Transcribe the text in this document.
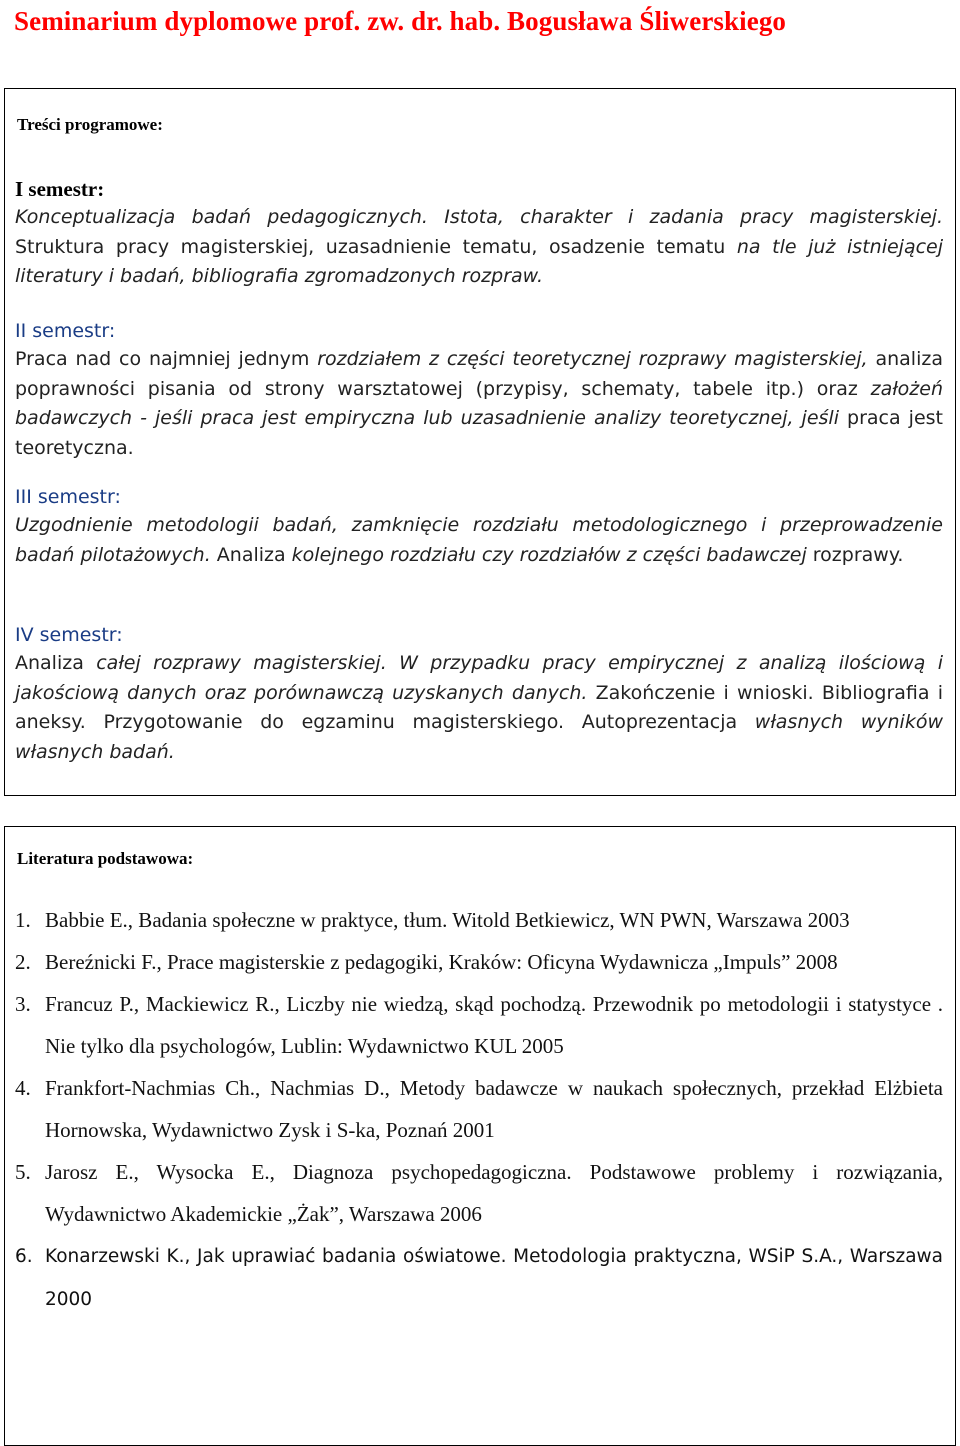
Seminarium dyplomowe prof. zw. dr. hab. Bogusława Śliwerskiego
Treści programowe:
I semestr:
Konceptualizacja badań pedagogicznych. Istota, charakter i zadania pracy magisterskiej. Struktura pracy magisterskiej, uzasadnienie tematu, osadzenie tematu na tle już istniejącej literatury i badań, bibliografia zgromadzonych rozpraw.
II semestr:
Praca nad co najmniej jednym rozdziałem z części teoretycznej rozprawy magisterskiej, analiza poprawności pisania od strony warsztatowej (przypisy, schematy, tabele itp.) oraz założeń badawczych - jeśli praca jest empiryczna lub uzasadnienie analizy teoretycznej, jeśli praca jest teoretyczna.
III semestr:
Uzgodnienie metodologii badań, zamknięcie rozdziału metodologicznego i przeprowadzenie badań pilotażowych. Analiza kolejnego rozdziału czy rozdziałów z części badawczej rozprawy.
IV semestr:
Analiza całej rozprawy magisterskiej. W przypadku pracy empirycznej z analizą ilościową i jakościową danych oraz porównawczą uzyskanych danych. Zakończenie i wnioski. Bibliografia i aneksy. Przygotowanie do egzaminu magisterskiego. Autoprezentacja własnych wyników własnych badań.
Literatura podstawowa:
1. Babbie E., Badania społeczne w praktyce, tłum. Witold Betkiewicz, WN PWN, Warszawa 2003
2. Bereźnicki F., Prace magisterskie z pedagogiki, Kraków: Oficyna Wydawnicza „Impuls” 2008
3. Francuz P., Mackiewicz R., Liczby nie wiedzą, skąd pochodzą. Przewodnik po metodologii i statystyce . Nie tylko dla psychologów, Lublin: Wydawnictwo KUL 2005
4. Frankfort-Nachmias Ch., Nachmias D., Metody badawcze w naukach społecznych, przekład Elżbieta Hornowska, Wydawnictwo Zysk i S-ka, Poznań 2001
5. Jarosz E., Wysocka E., Diagnoza psychopedagogiczna. Podstawowe problemy i rozwiązania, Wydawnictwo Akademickie „Żak”, Warszawa 2006
6. Konarzewski K., Jak uprawiać badania oświatowe. Metodologia praktyczna, WSiP S.A., Warszawa 2000
